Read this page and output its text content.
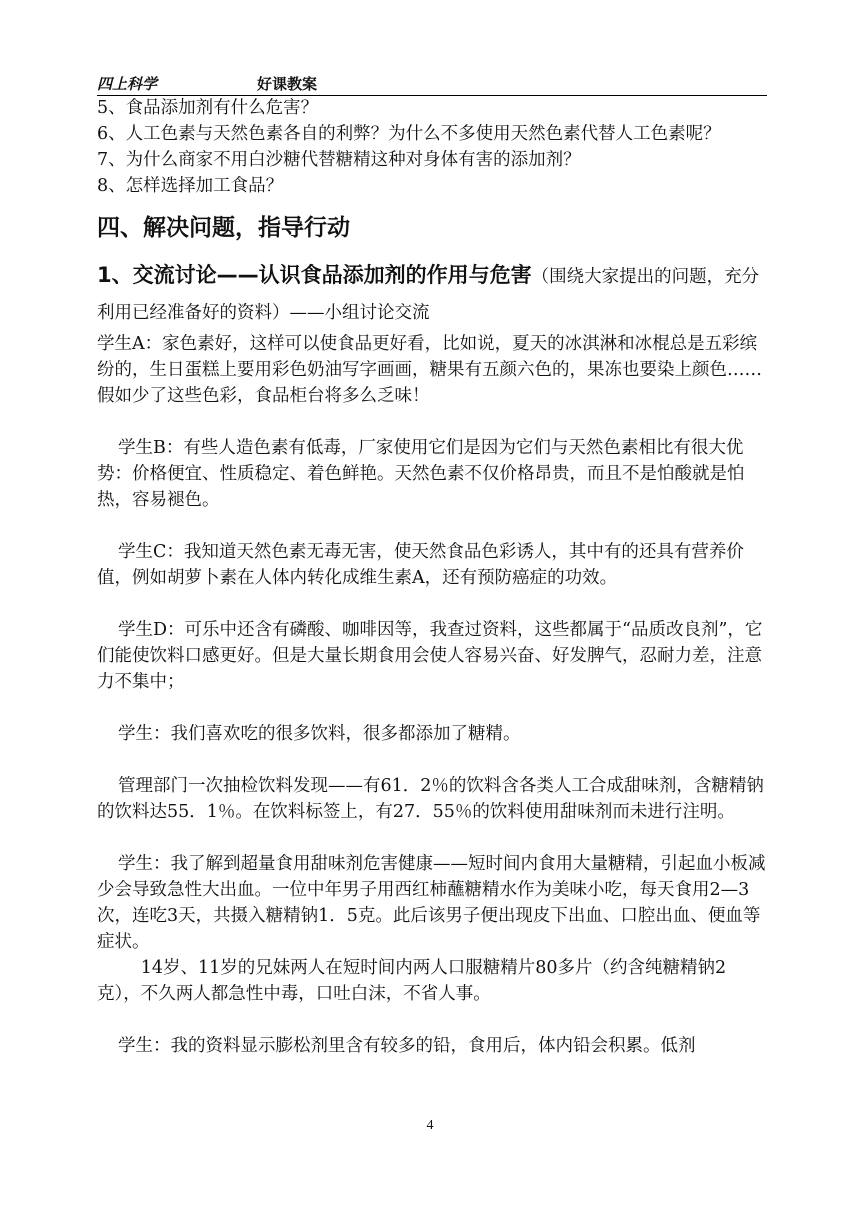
四上科学	好课教案

5、食品添加剂有什么危害？

6、人工色素与天然色素各自的利弊？为什么不多使用天然色素代替人工色素呢？

7、为什么商家不用白沙糖代替糖精这种对身体有害的添加剂？

8、怎样选择加工食品？

四、解决问题，指导行动

1、交流讨论——认识食品添加剂的作用与危害（围绕大家提出的问题，充分利用已经准备好的资料）——小组讨论交流

学生A：家色素好，这样可以使食品更好看，比如说，夏天的冰淇淋和冰棍总是五彩缤纷的，生日蛋糕上要用彩色奶油写字画画，糖果有五颜六色的，果冻也要染上颜色……假如少了这些色彩，食品柜台将多么乏味！

学生B：有些人造色素有低毒，厂家使用它们是因为它们与天然色素相比有很大优势：价格便宜、性质稳定、着色鲜艳。天然色素不仅价格昂贵，而且不是怕酸就是怕热，容易褪色。

学生C：我知道天然色素无毒无害，使天然食品色彩诱人，其中有的还具有营养价值，例如胡萝卜素在人体内转化成维生素A，还有预防癌症的功效。

学生D：可乐中还含有磷酸、咖啡因等，我查过资料，这些都属于“品质改良剂”，它们能使饮料口感更好。但是大量长期食用会使人容易兴奋、好发脾气，忍耐力差，注意力不集中；

学生：我们喜欢吃的很多饮料，很多都添加了糖精。

管理部门一次抽检饮料发现——有61．2％的饮料含各类人工合成甜味剂，含糖精钠的饮料达55．1％。在饮料标签上，有27．55％的饮料使用甜味剂而未进行注明。

学生：我了解到超量食用甜味剂危害健康——短时间内食用大量糖精，引起血小板减少会导致急性大出血。一位中年男子用西红柿蘸糖精水作为美味小吃，每天食用2—3次，连吃3天，共摄入糖精钠1．5克。此后该男子便出现皮下出血、口腔出血、便血等症状。

14岁、11岁的兄妹两人在短时间内两人口服糖精片80多片（约含纯糖精钠2克），不久两人都急性中毒，口吐白沫，不省人事。

学生：我的资料显示膨松剂里含有较多的铅，食用后，体内铅会积累。低剂

4
